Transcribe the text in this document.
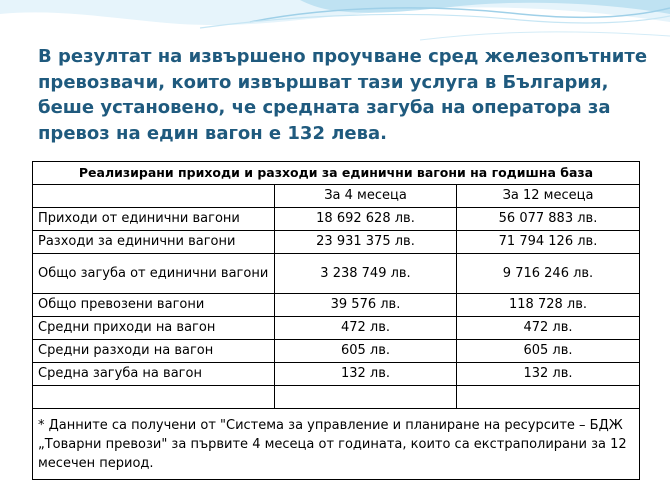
В резултат на извършено проучване сред железопътните превозвачи, които извършват тази услуга в България, беше установено, че средната загуба на оператора за превоз на един вагон е 132 лева.

Реализирани приходи и разходи за единични вагони на годишна база		
	За 4 месеца	За 12 месеца
Приходи от единични вагони	18 692 628 лв.	56 077 883 лв.
Разходи за единични вагони	23 931 375 лв.	71 794 126 лв.
Общо загуба от единични вагони	3 238 749 лв.	9 716 246 лв.
Общо превозени вагони	39 576 лв.	118 728 лв.
Средни приходи на вагон	472 лв.	472 лв.
Средни разходи на вагон	605 лв.	605 лв.
Средна загуба на вагон	132 лв.	132 лв.

* Данните са получени от "Система за управление и планиране на ресурсите – БДЖ „Товарни превози" за първите 4 месеца от годината, които са екстраполирани за 12 месечен период.		
